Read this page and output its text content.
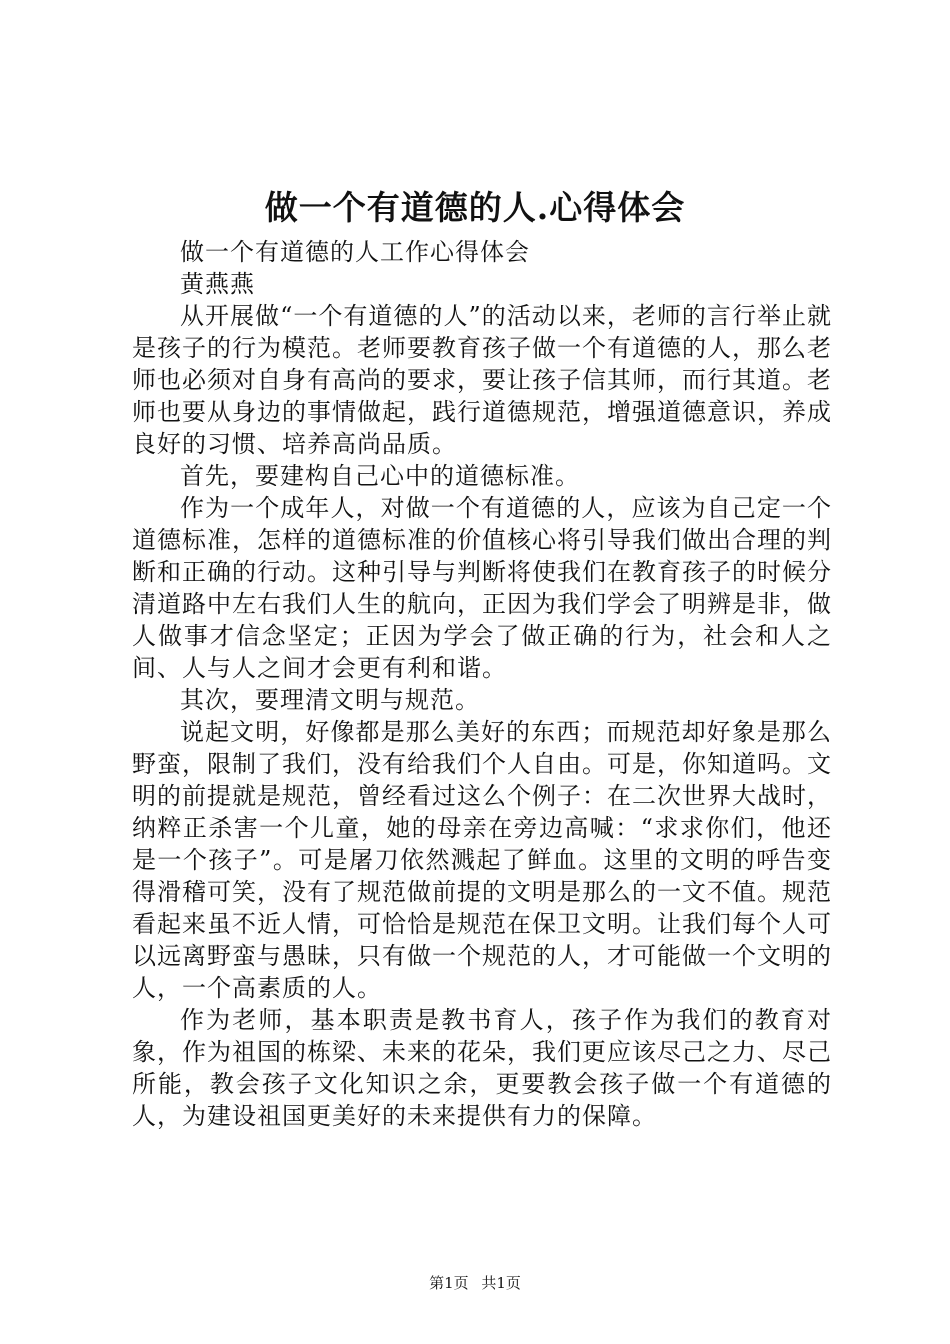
做一个有道德的人.心得体会

做一个有道德的人工作心得体会

黄燕燕

从开展做“一个有道德的人”的活动以来，老师的言行举止就是孩子的行为模范。老师要教育孩子做一个有道德的人，那么老师也必须对自身有高尚的要求，要让孩子信其师，而行其道。老师也要从身边的事情做起，践行道德规范，增强道德意识，养成良好的习惯、培养高尚品质。

首先，要建构自己心中的道德标准。

作为一个成年人，对做一个有道德的人，应该为自己定一个道德标准，怎样的道德标准的价值核心将引导我们做出合理的判断和正确的行动。这种引导与判断将使我们在教育孩子的时候分清道路中左右我们人生的航向，正因为我们学会了明辨是非，做人做事才信念坚定；正因为学会了做正确的行为，社会和人之间、人与人之间才会更有利和谐。

其次，要理清文明与规范。

说起文明，好像都是那么美好的东西；而规范却好象是那么野蛮，限制了我们，没有给我们个人自由。可是，你知道吗。文明的前提就是规范，曾经看过这么个例子：在二次世界大战时，纳粹正杀害一个儿童，她的母亲在旁边高喊：“求求你们，他还是一个孩子”。可是屠刀依然溅起了鲜血。这里的文明的呼告变得滑稽可笑，没有了规范做前提的文明是那么的一文不值。规范看起来虽不近人情，可恰恰是规范在保卫文明。让我们每个人可以远离野蛮与愚昧，只有做一个规范的人，才可能做一个文明的人，一个高素质的人。

作为老师，基本职责是教书育人，孩子作为我们的教育对象，作为祖国的栋梁、未来的花朵，我们更应该尽己之力、尽己所能，教会孩子文化知识之余，更要教会孩子做一个有道德的人，为建设祖国更美好的未来提供有力的保障。

第1页 共1页
